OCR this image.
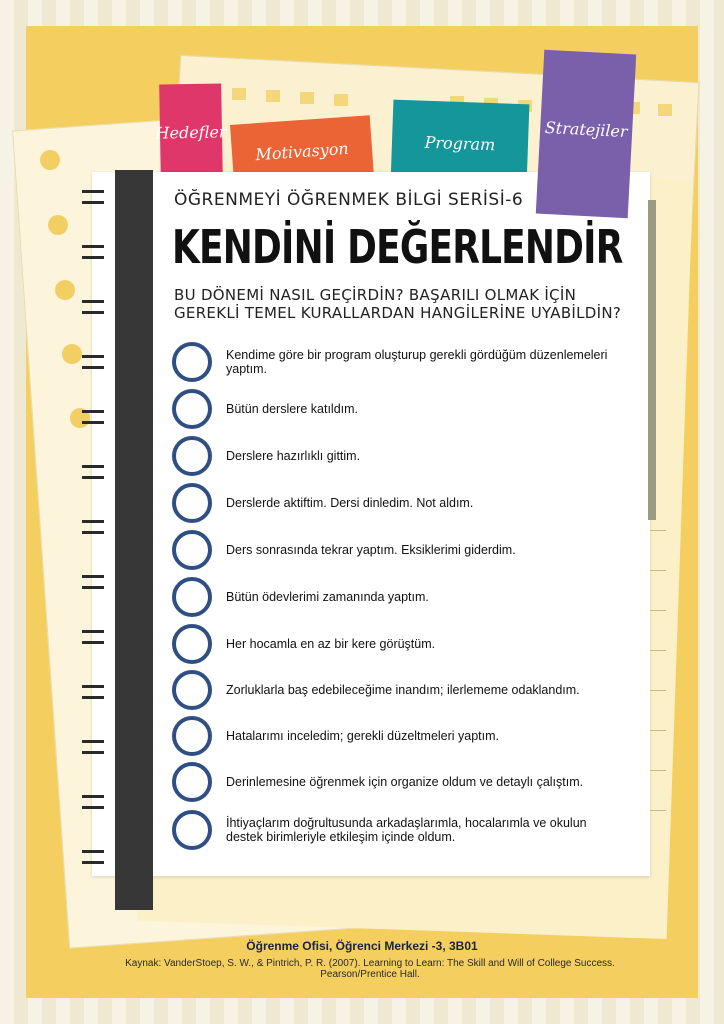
Hedefler
Motivasyon	Program
Stratejiler
ÖĞRENMEYİ ÖĞRENMEK BİLGİ SERİSİ-6
KENDİNİ DEĞERLENDİR
BU DÖNEMİ NASIL GEÇİRDİN? BAŞARILI OLMAK İÇİN GEREKLİ TEMEL KURALLARDAN HANGİLERİNE UYABİLDİN?
Kendime göre bir program oluşturup gerekli gördüğüm düzenlemeleri yaptım.
Bütün derslere katıldım.
Derslere hazırlıklı gittim.
Derslerde aktiftim. Dersi dinledim. Not aldım.
Ders sonrasında tekrar yaptım. Eksiklerimi giderdim.
Bütün ödevlerimi zamanında yaptım.
Her hocamla en az bir kere görüştüm.
Zorluklarla baş edebileceğime inandım; ilerlememe odaklandım.
Hatalarımı inceledim; gerekli düzeltmeleri yaptım.
Derinlemesine öğrenmek için organize oldum ve detaylı çalıştım.
İhtiyaçlarım doğrultusunda arkadaşlarımla, hocalarımla ve okulun destek birimleriyle etkileşim içinde oldum.
Öğrenme Ofisi, Öğrenci Merkezi -3, 3B01
Kaynak: VanderStoep, S. W., & Pintrich, P. R. (2007). Learning to Learn: The Skill and Will of College Success. Pearson/Prentice Hall.
